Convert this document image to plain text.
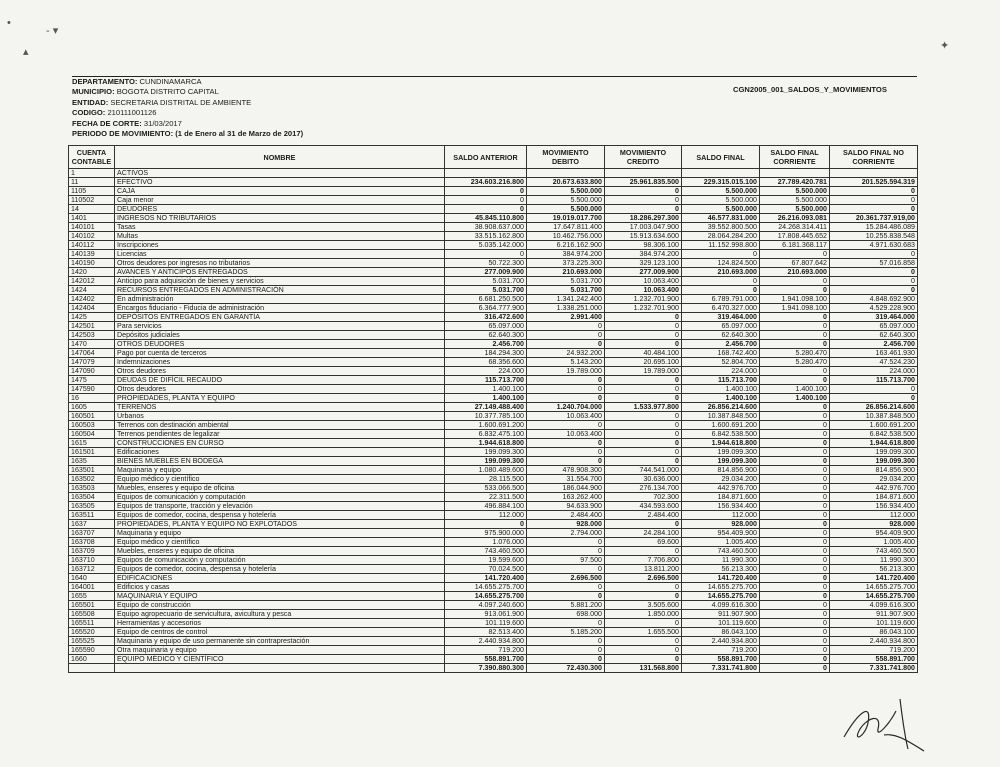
•
- ▾
▴	✦
DEPARTAMENTO: CUNDINAMARCA
MUNICIPIO: BOGOTA DISTRITO CAPITAL
ENTIDAD: SECRETARIA DISTRITAL DE AMBIENTE
CODIGO: 210111001126
FECHA DE CORTE: 31/03/2017
PERIODO DE MOVIMIENTO: (1 de Enero al 31 de Marzo de 2017)
CGN2005_001_SALDOS_Y_MOVIMIENTOS
CUENTA CONTABLE	NOMBRE	SALDO ANTERIOR	MOVIMIENTO DEBITO	MOVIMIENTO CREDITO	SALDO FINAL	SALDO FINAL CORRIENTE	SALDO FINAL NO CORRIENTE
1	ACTIVOS						
11	EFECTIVO	234.603.216.800	20.673.633.800	25.961.835.500	229.315.015.100	27.789.420.781	201.525.594.319
1105	CAJA	0	5.500.000	0	5.500.000	5.500.000	0
110502	Caja menor	0	5.500.000	0	5.500.000	5.500.000	0
14	DEUDORES	0	5.500.000	0	5.500.000	5.500.000	0
1401	INGRESOS NO TRIBUTARIOS	45.845.110.800	19.019.017.700	18.286.297.300	46.577.831.000	26.216.093.081	20.361.737.919,00
140101	Tasas	38.908.637.000	17.647.811.400	17.003.047.900	39.552.800.500	24.268.314.411	15.284.486.089
140102	Multas	33.515.162.800	10.462.756.000	15.913.634.600	28.064.284.200	17.808.445.652	10.255.838.548
140112	Inscripciones	5.035.142.000	6.216.162.900	98.306.100	11.152.998.800	6.181.368.117	4.971.630.683
140139	Licencias	0	384.974.200	384.974.200	0	0	0
140190	Otros deudores por ingresos no tributarios	50.722.300	373.225.300	329.123.100	124.824.500	67.807.642	57.016.858
1420	AVANCES Y ANTICIPOS ENTREGADOS	277.009.900	210.693.000	277.009.900	210.693.000	210.693.000	0
142012	Anticipo para adquisición de bienes y servicios	5.031.700	5.031.700	10.063.400	0	0	0
1424	RECURSOS ENTREGADOS EN ADMINISTRACIÓN	5.031.700	5.031.700	10.063.400	0	0	0
142402	En administración	6.681.250.500	1.341.242.400	1.232.701.900	6.789.791.000	1.941.098.100	4.848.692.900
142404	Encargos fiduciario - Fiducia de administración	6.364.777.900	1.338.251.000	1.232.701.900	6.470.327.000	1.941.098.100	4.529.228.900
1425	DEPÓSITOS ENTREGADOS EN GARANTÍA	316.472.600	2.991.400	0	319.464.000	0	319.464.000
142501	Para servicios	65.097.000	0	0	65.097.000	0	65.097.000
142503	Depósitos judiciales	62.640.300	0	0	62.640.300	0	62.640.300
1470	OTROS DEUDORES	2.456.700	0	0	2.456.700	0	2.456.700
147064	Pago por cuenta de terceros	184.294.300	24.932.200	40.484.100	168.742.400	5.280.470	163.461.930
147079	Indemnizaciones	68.356.600	5.143.200	20.695.100	52.804.700	5.280.470	47.524.230
147090	Otros deudores	224.000	19.789.000	19.789.000	224.000	0	224.000
1475	DEUDAS DE DIFÍCIL RECAUDO	115.713.700	0	0	115.713.700	0	115.713.700
147590	Otros deudores	1.400.100	0	0	1.400.100	1.400.100	0
16	PROPIEDADES, PLANTA Y EQUIPO	1.400.100	0	0	1.400.100	1.400.100	0
1605	TERRENOS	27.149.488.400	1.240.704.000	1.533.977.800	26.856.214.600	0	26.856.214.600
160501	Urbanos	10.377.785.100	10.063.400	0	10.387.848.500	0	10.387.848.500
160503	Terrenos con destinación ambiental	1.600.691.200	0	0	1.600.691.200	0	1.600.691.200
160504	Terrenos pendientes de legalizar	6.832.475.100	10.063.400	0	6.842.538.500	0	6.842.538.500
1615	CONSTRUCCIONES EN CURSO	1.944.618.800	0	0	1.944.618.800	0	1.944.618.800
161501	Edificaciones	199.099.300	0	0	199.099.300	0	199.099.300
1635	BIENES MUEBLES EN BODEGA	199.099.300	0	0	199.099.300	0	199.099.300
163501	Maquinaria y equipo	1.080.489.600	478.908.300	744.541.000	814.856.900	0	814.856.900
163502	Equipo médico y científico	28.115.500	31.554.700	30.636.000	29.034.200	0	29.034.200
163503	Muebles, enseres y equipo de oficina	533.066.500	186.044.900	276.134.700	442.976.700	0	442.976.700
163504	Equipos de comunicación y computación	22.311.500	163.262.400	702.300	184.871.600	0	184.871.600
163505	Equipos de transporte, tracción y elevación	496.884.100	94.633.900	434.593.600	156.934.400	0	156.934.400
163511	Equipos de comedor, cocina, despensa y hotelería	112.000	2.484.400	2.484.400	112.000	0	112.000
1637	PROPIEDADES, PLANTA Y EQUIPO NO EXPLOTADOS	0	928.000	0	928.000	0	928.000
163707	Maquinaria y equipo	975.900.000	2.794.000	24.284.100	954.409.900	0	954.409.900
163708	Equipo médico y científico	1.076.000	0	69.600	1.005.400	0	1.005.400
163709	Muebles, enseres y equipo de oficina	743.460.500	0	0	743.460.500	0	743.460.500
163710	Equipos de comunicación y computación	19.599.600	97.500	7.706.800	11.990.300	0	11.990.300
163712	Equipos de comedor, cocina, despensa y hotelería	70.024.500	0	13.811.200	56.213.300	0	56.213.300
1640	EDIFICACIONES	141.720.400	2.696.500	2.696.500	141.720.400	0	141.720.400
164001	Edificios y casas	14.655.275.700	0	0	14.655.275.700	0	14.655.275.700
1655	MAQUINARIA Y EQUIPO	14.655.275.700	0	0	14.655.275.700	0	14.655.275.700
165501	Equipo de construcción	4.097.240.600	5.881.200	3.505.600	4.099.616.300	0	4.099.616.300
165508	Equipo agropecuario de servicultura, avicultura y pesca	913.061.900	698.000	1.850.000	911.907.900	0	911.907.900
165511	Herramientas y accesorios	101.119.600	0	0	101.119.600	0	101.119.600
165520	Equipo de centros de control	82.513.400	5.185.200	1.655.500	86.043.100	0	86.043.100
165525	Maquinaria y equipo de uso permanente sin contraprestación	2.440.934.800	0	0	2.440.934.800	0	2.440.934.800
165590	Otra maquinaria y equipo	719.200	0	0	719.200	0	719.200
1660	EQUIPO MÉDICO Y CIENTÍFICO	558.891.700	0	0	558.891.700	0	558.891.700
		7.390.880.300	72.430.300	131.568.800	7.331.741.800	0	7.331.741.800
